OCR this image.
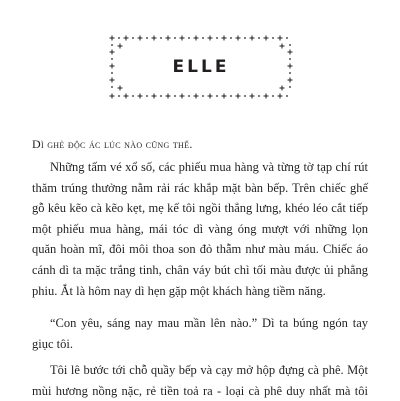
ELLE
Dì ghẻ độc ác lúc nào cũng thế.
Những tấm vé xổ số, các phiếu mua hàng và từng tờ tạp chí rút
thăm trúng thưởng nằm rải rác khắp mặt bàn bếp. Trên chiếc ghế
gỗ kêu kẽo cà kẽo kẹt, mẹ kế tôi ngồi thẳng lưng, khéo léo cắt tiếp
một phiếu mua hàng, mái tóc dì vàng óng mượt với những lọn
quăn hoàn mĩ, đôi môi thoa son đỏ thẫm như màu máu. Chiếc áo
cánh dì ta mặc trắng tinh, chân váy bút chì tối màu được ủi phẳng
phiu. Ắt là hôm nay dì hẹn gặp một khách hàng tiềm năng.
“Con yêu, sáng nay mau mần lên nào.” Dì ta búng ngón tay
giục tôi.
Tôi lê bước tới chỗ quầy bếp và cạy mở hộp đựng cà phê. Một
mùi hương nồng nặc, rẻ tiền toả ra - loại cà phê duy nhất mà tôi
